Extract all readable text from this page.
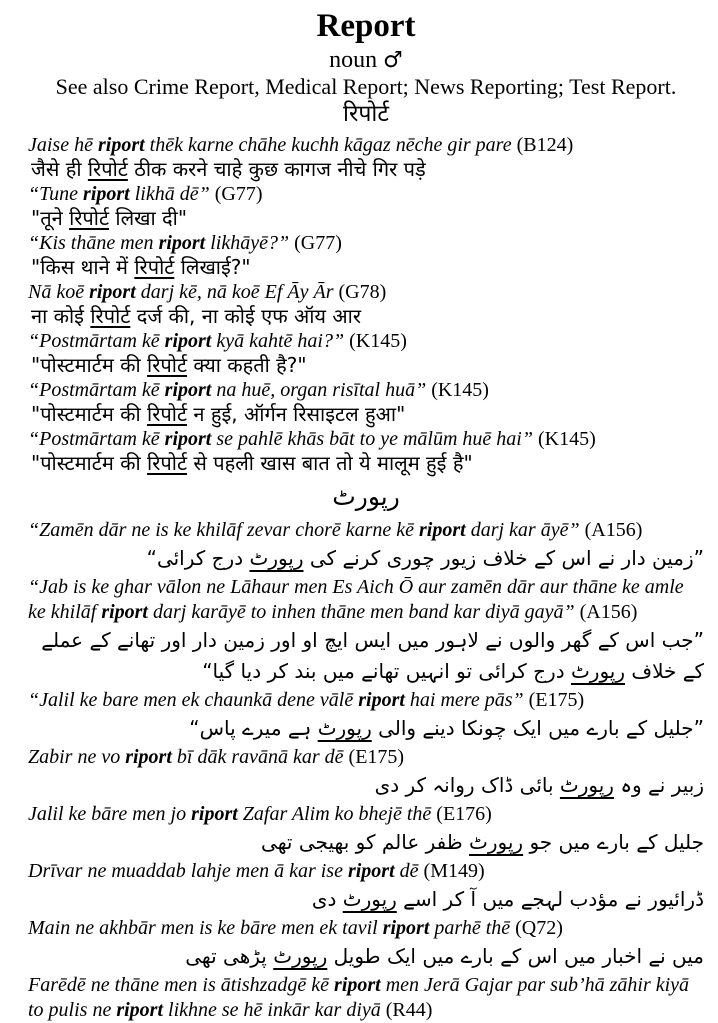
Report

noun ♂

See also Crime Report, Medical Report; News Reporting; Test Report.

रिपोर्ट

Jaise hē riport thēk karne chāhe kuchh kāgaz nēche gir pare (B124)

जैसे ही रिपोर्ट ठीक करने चाहे कुछ कागज नीचे गिर पड़े

“Tune riport likhā dē” (G77)

"तूने रिपोर्ट लिखा दी"

“Kis thāne men riport likhāyē?” (G77)

"किस थाने में रिपोर्ट लिखाई?"

Nā koē riport darj kē, nā koē Ef Āy Ār (G78)

ना कोई रिपोर्ट दर्ज की, ना कोई एफ ऑय आर

“Postmārtam kē riport kyā kahtē hai?” (K145)

"पोस्टमार्टम की रिपोर्ट क्या कहती है?"

“Postmārtam kē riport na huē, organ risītal huā” (K145)

"पोस्टमार्टम की रिपोर्ट न हुई, ऑर्गन रिसाइटल हुआ"

“Postmārtam kē riport se pahlē khās bāt to ye mālūm huē hai” (K145)

"पोस्टमार्टम की रिपोर्ट से पहली खास बात तो ये मालूम हुई है"

رپورٹ

“Zamēn dār ne is ke khilāf zevar chorē karne kē riport darj kar āyē” (A156)

”زمین دار نے اس کے خلاف زیور چوری کرنے کی رپورٹ درج کرائی“

“Jab is ke ghar vālon ne Lāhaur men Es Aich Ō aur zamēn dār aur thāne ke amle ke khilāf riport darj karāyē to inhen thāne men band kar diyā gayā” (A156)

”جب اس کے گھر والوں نے لاہور میں ایس ایچ او اور زمین دار اور تھانے کے عملے کے خلاف رپورٹ درج کرائی تو انہیں تھانے میں بند کر دیا گیا“

“Jalil ke bare men ek chaunkā dene vālē riport hai mere pās” (E175)

”جلیل کے بارے میں ایک چونکا دینے والی رپورٹ ہے میرے پاس“

Zabir ne vo riport bī dāk ravānā kar dē (E175)

زبیر نے وہ رپورٹ بائی ڈاک روانہ کر دی

Jalil ke bāre men jo riport Zafar Alim ko bhejē thē (E176)

جلیل کے بارے میں جو رپورٹ ظفر عالم کو بھیجی تھی

Drīvar ne muaddab lahje men ā kar ise riport dē (M149)

ڈرائیور نے مؤدب لہجے میں آ کر اسے رپورٹ دی

Main ne akhbār men is ke bāre men ek tavil riport parhē thē (Q72)

میں نے اخبار میں اس کے بارے میں ایک طویل رپورٹ پڑھی تھی

Farēdē ne thāne men is ātishzadgē kē riport men Jerā Gajar par sub’hā zāhir kiyā to pulis ne riport likhne se hē inkār kar diyā (R44)
